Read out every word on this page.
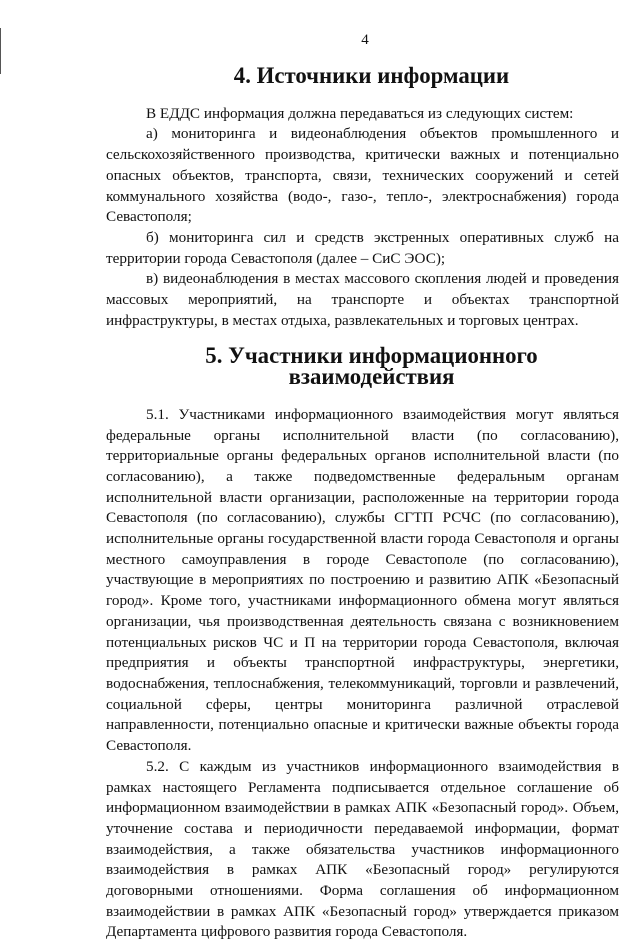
4
4. Источники информации

В ЕДДС информация должна передаваться из следующих систем:

а) мониторинга и видеонаблюдения объектов промышленного и сельскохозяйственного производства, критически важных и потенциально опасных объектов, транспорта, связи, технических сооружений и сетей коммунального хозяйства (водо-, газо-, тепло-, электроснабжения) города Севастополя;

б) мониторинга сил и средств экстренных оперативных служб на территории города Севастополя (далее – СиС ЭОС);

в) видеонаблюдения в местах массового скопления людей и проведения массовых мероприятий, на транспорте и объектах транспортной инфраструктуры, в местах отдыха, развлекательных и торговых центрах.

5. Участники информационного взаимодействия

5.1. Участниками информационного взаимодействия могут являться федеральные органы исполнительной власти (по согласованию), территориальные органы федеральных органов исполнительной власти (по согласованию), а также подведомственные федеральным органам исполнительной власти организации, расположенные на территории города Севастополя (по согласованию), службы СГТП РСЧС (по согласованию), исполнительные органы государственной власти города Севастополя и органы местного самоуправления в городе Севастополе (по согласованию), участвующие в мероприятиях по построению и развитию АПК «Безопасный город». Кроме того, участниками информационного обмена могут являться организации, чья производственная деятельность связана с возникновением потенциальных рисков ЧС и П на территории города Севастополя, включая предприятия и объекты транспортной инфраструктуры, энергетики, водоснабжения, теплоснабжения, телекоммуникаций, торговли и развлечений, социальной сферы, центры мониторинга различной отраслевой направленности, потенциально опасные и критически важные объекты города Севастополя.

5.2. С каждым из участников информационного взаимодействия в рамках настоящего Регламента подписывается отдельное соглашение об информационном взаимодействии в рамках АПК «Безопасный город». Объем, уточнение состава и периодичности передаваемой информации, формат взаимодействия, а также обязательства участников информационного взаимодействия в рамках АПК «Безопасный город» регулируются договорными отношениями. Форма соглашения об информационном взаимодействии в рамках АПК «Безопасный город» утверждается приказом Департамента цифрового развития города Севастополя.
